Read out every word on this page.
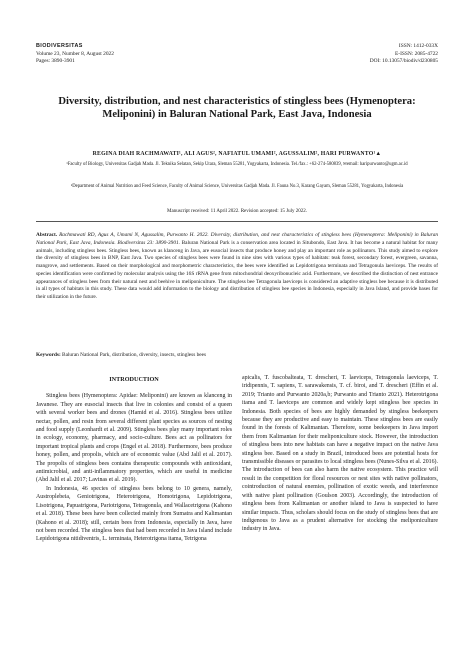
BIODIVERSITAS
Volume 23, Number 8, August 2022
Pages: 3890-3901
ISSN: 1412-033X
E-ISSN: 2085-4722
DOI: 10.13057/biodiv/d230805
Diversity, distribution, and nest characteristics of stingless bees (Hymenoptera: Meliponini) in Baluran National Park, East Java, Indonesia
REGINA DIAH RACHMAWATI¹, ALI AGUS², NAFIATUL UMAMI², AGUSSALIM², HARI PURWANTO¹▲
¹Faculty of Biology, Universitas Gadjah Mada. Jl. Teknika Selatan, Sekip Utara, Sleman 55281, Yogyakarta, Indonesia. Tel./fax.: +62-274-580839, ✉email: haripurwanto@ugm.ac.id
²Department of Animal Nutrition and Feed Science, Faculty of Animal Science, Universitas Gadjah Mada. Jl. Fauna No.3, Karang Gayam, Sleman 55281, Yogyakarta, Indonesia
Manuscript received: 11 April 2022. Revision accepted: 15 July 2022.
Abstract. Rachmawati RD, Agus A, Umami N, Agussalim, Purwanto H. 2022. Diversity, distribution, and nest characteristics of stingless bees (Hymenoptera: Meliponini) in Baluran National Park, East Java, Indonesia. Biodiversitas 23: 3890-3901. Baluran National Park is a conservation area located in Situbondo, East Java. It has become a natural habitat for many animals, including stingless bees. Stingless bees, known as klanceng in Java, are eusocial insects that produce honey and play an important role as pollinators. This study aimed to explore the diversity of stingless bees in BNP, East Java. Two species of stingless bees were found in nine sites with various types of habitats: teak forest, secondary forest, evergreen, savanna, mangrove, and settlements. Based on their morphological and morphometric characteristics, the bees were identified as Lepidotrigona terminata and Tetragonula laeviceps. The results of species identification were confirmed by molecular analysis using the 16S rRNA gene from mitochondrial deoxyribonucleic acid. Furthermore, we described the distinction of nest entrance appearances of stingless bees from their natural nest and beehive in meliponiculture. The stingless bee Tetragonula laeviceps is considered an adaptive stingless bee because it is distributed in all types of habitats in this study. These data would add information to the biology and distribution of stingless bee species in Indonesia, especially in Java Island, and provide bases for their utilization in the future.
Keywords: Baluran National Park, distribution, diversity, insects, stingless bees
INTRODUCTION

Stingless bees (Hymenoptera: Apidae: Meliponini) are known as klanceng in Javanese. They are eusocial insects that live in colonies and consist of a queen with several worker bees and drones (Hamid et al. 2016). Stingless bees utilize nectar, pollen, and resin from several different plant species as sources of nesting and food supply (Leonhardt et al. 2009). Stingless bees play many important roles in ecology, economy, pharmacy, and socio-culture. Bees act as pollinators for important tropical plants and crops (Engel et al. 2018). Furthermore, bees produce honey, pollen, and propolis, which are of economic value (Abd Jalil et al. 2017). The propolis of stingless bees contains therapeutic compounds with antioxidant, antimicrobial, and anti-inflammatory properties, which are useful in medicine (Abd Jalil et al. 2017; Lavinas et al. 2019).

In Indonesia, 46 species of stingless bees belong to 10 genera, namely, Austroplebeia, Geniotrigona, Heterotrigona, Homotrigona, Lepidotrigona, Lisotrigona, Papuatrigona, Pariotrigona, Tetragonula, and Wallacetrigona (Kahono et al. 2018). These bees have been collected mainly from Sumatra and Kalimantan (Kahono et al. 2018); still, certain bees from Indonesia, especially in Java, have not been recorded. The stingless bees that had been recorded in Java Island include Lepidotrigona nitidiventris, L. terminata, Heterotrigona itama, Tetrigona

apicalis, T. fuscobalteata, T. drescheri, T. laeviceps, Tetragonula laeviceps, T. iridipennis, T. sapiens, T. sarawakensis, T. cf. biroi, and T. drescheri (Effin et al. 2019; Trianto and Purwanto 2020a,b; Purwanto and Trianto 2021). Heterotrigona itama and T. laeviceps are common and widely kept stingless bee species in Indonesia. Both species of bees are highly demanded by stingless beekeepers because they are productive and easy to maintain. These stingless bees are easily found in the forests of Kalimantan. Therefore, some beekeepers in Java import them from Kalimantan for their meliponiculture stock. However, the introduction of stingless bees into new habitats can have a negative impact on the native Java stingless bee. Based on a study in Brazil, introduced bees are potential hosts for transmissible diseases or parasites to local stingless bees (Nunes-Silva et al. 2016). The introduction of bees can also harm the native ecosystem. This practice will result in the competition for floral resources or nest sites with native pollinators, cointroduction of natural enemies, pollination of exotic weeds, and interference with native plant pollination (Goulson 2003). Accordingly, the introduction of stingless bees from Kalimantan or another island to Java is suspected to have similar impacts. Thus, scholars should focus on the study of stingless bees that are indigenous to Java as a prudent alternative for stocking the meliponiculture industry in Java.
